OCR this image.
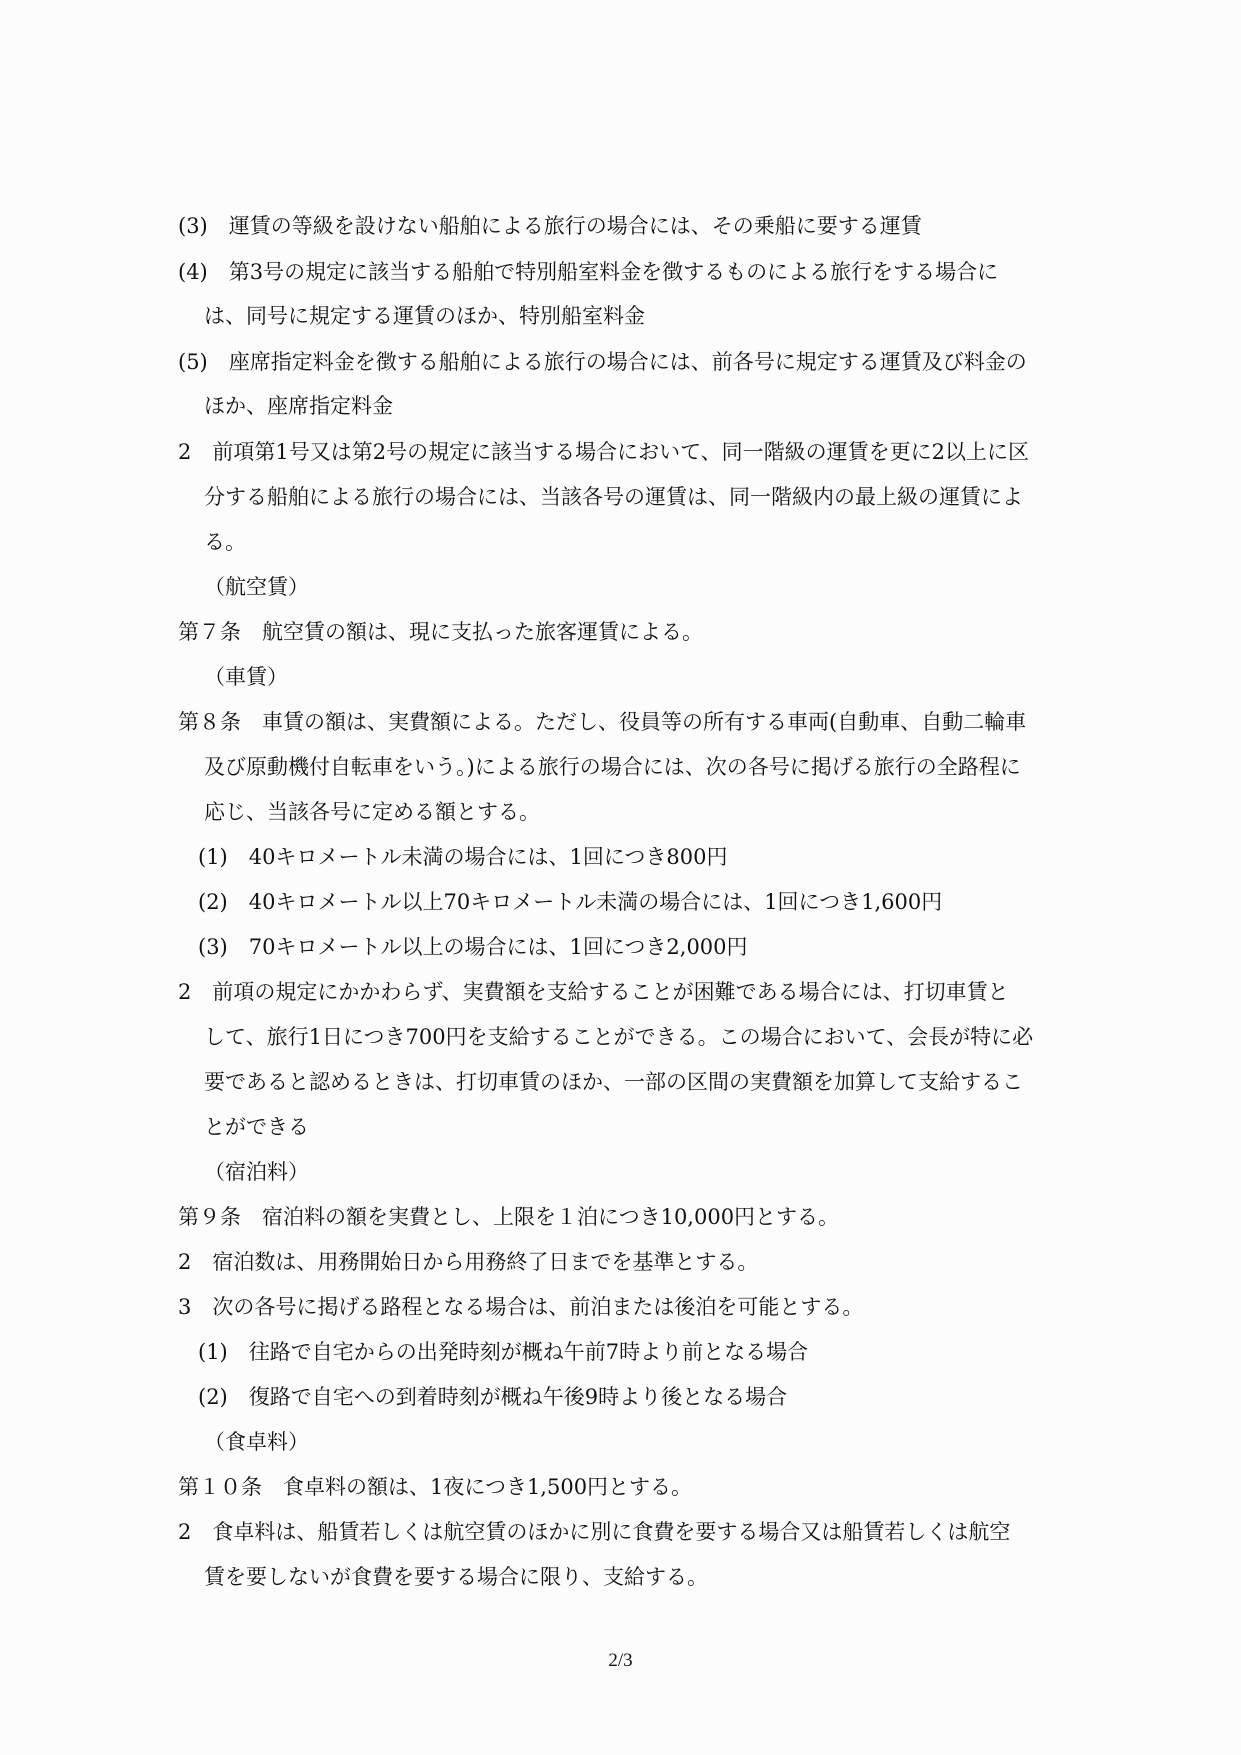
(3)　運賃の等級を設けない船舶による旅行の場合には、その乗船に要する運賃
(4)　第3号の規定に該当する船舶で特別船室料金を徴するものによる旅行をする場合に
は、同号に規定する運賃のほか、特別船室料金
(5)　座席指定料金を徴する船舶による旅行の場合には、前各号に規定する運賃及び料金の
ほか、座席指定料金
2　前項第1号又は第2号の規定に該当する場合において、同一階級の運賃を更に2以上に区
分する船舶による旅行の場合には、当該各号の運賃は、同一階級内の最上級の運賃によ
る。
（航空賃）
第７条　航空賃の額は、現に支払った旅客運賃による。
（車賃）
第８条　車賃の額は、実費額による。ただし、役員等の所有する車両(自動車、自動二輪車
及び原動機付自転車をいう。)による旅行の場合には、次の各号に掲げる旅行の全路程に
応じ、当該各号に定める額とする。
(1)　40キロメートル未満の場合には、1回につき800円
(2)　40キロメートル以上70キロメートル未満の場合には、1回につき1,600円
(3)　70キロメートル以上の場合には、1回につき2,000円
2　前項の規定にかかわらず、実費額を支給することが困難である場合には、打切車賃と
して、旅行1日につき700円を支給することができる。この場合において、会長が特に必
要であると認めるときは、打切車賃のほか、一部の区間の実費額を加算して支給するこ
とができる
（宿泊料）
第９条　宿泊料の額を実費とし、上限を１泊につき10,000円とする。
2　宿泊数は、用務開始日から用務終了日までを基準とする。
3　次の各号に掲げる路程となる場合は、前泊または後泊を可能とする。
(1)　往路で自宅からの出発時刻が概ね午前7時より前となる場合
(2)　復路で自宅への到着時刻が概ね午後9時より後となる場合
（食卓料）
第１０条　食卓料の額は、1夜につき1,500円とする。
2　食卓料は、船賃若しくは航空賃のほかに別に食費を要する場合又は船賃若しくは航空
賃を要しないが食費を要する場合に限り、支給する。
2/3
